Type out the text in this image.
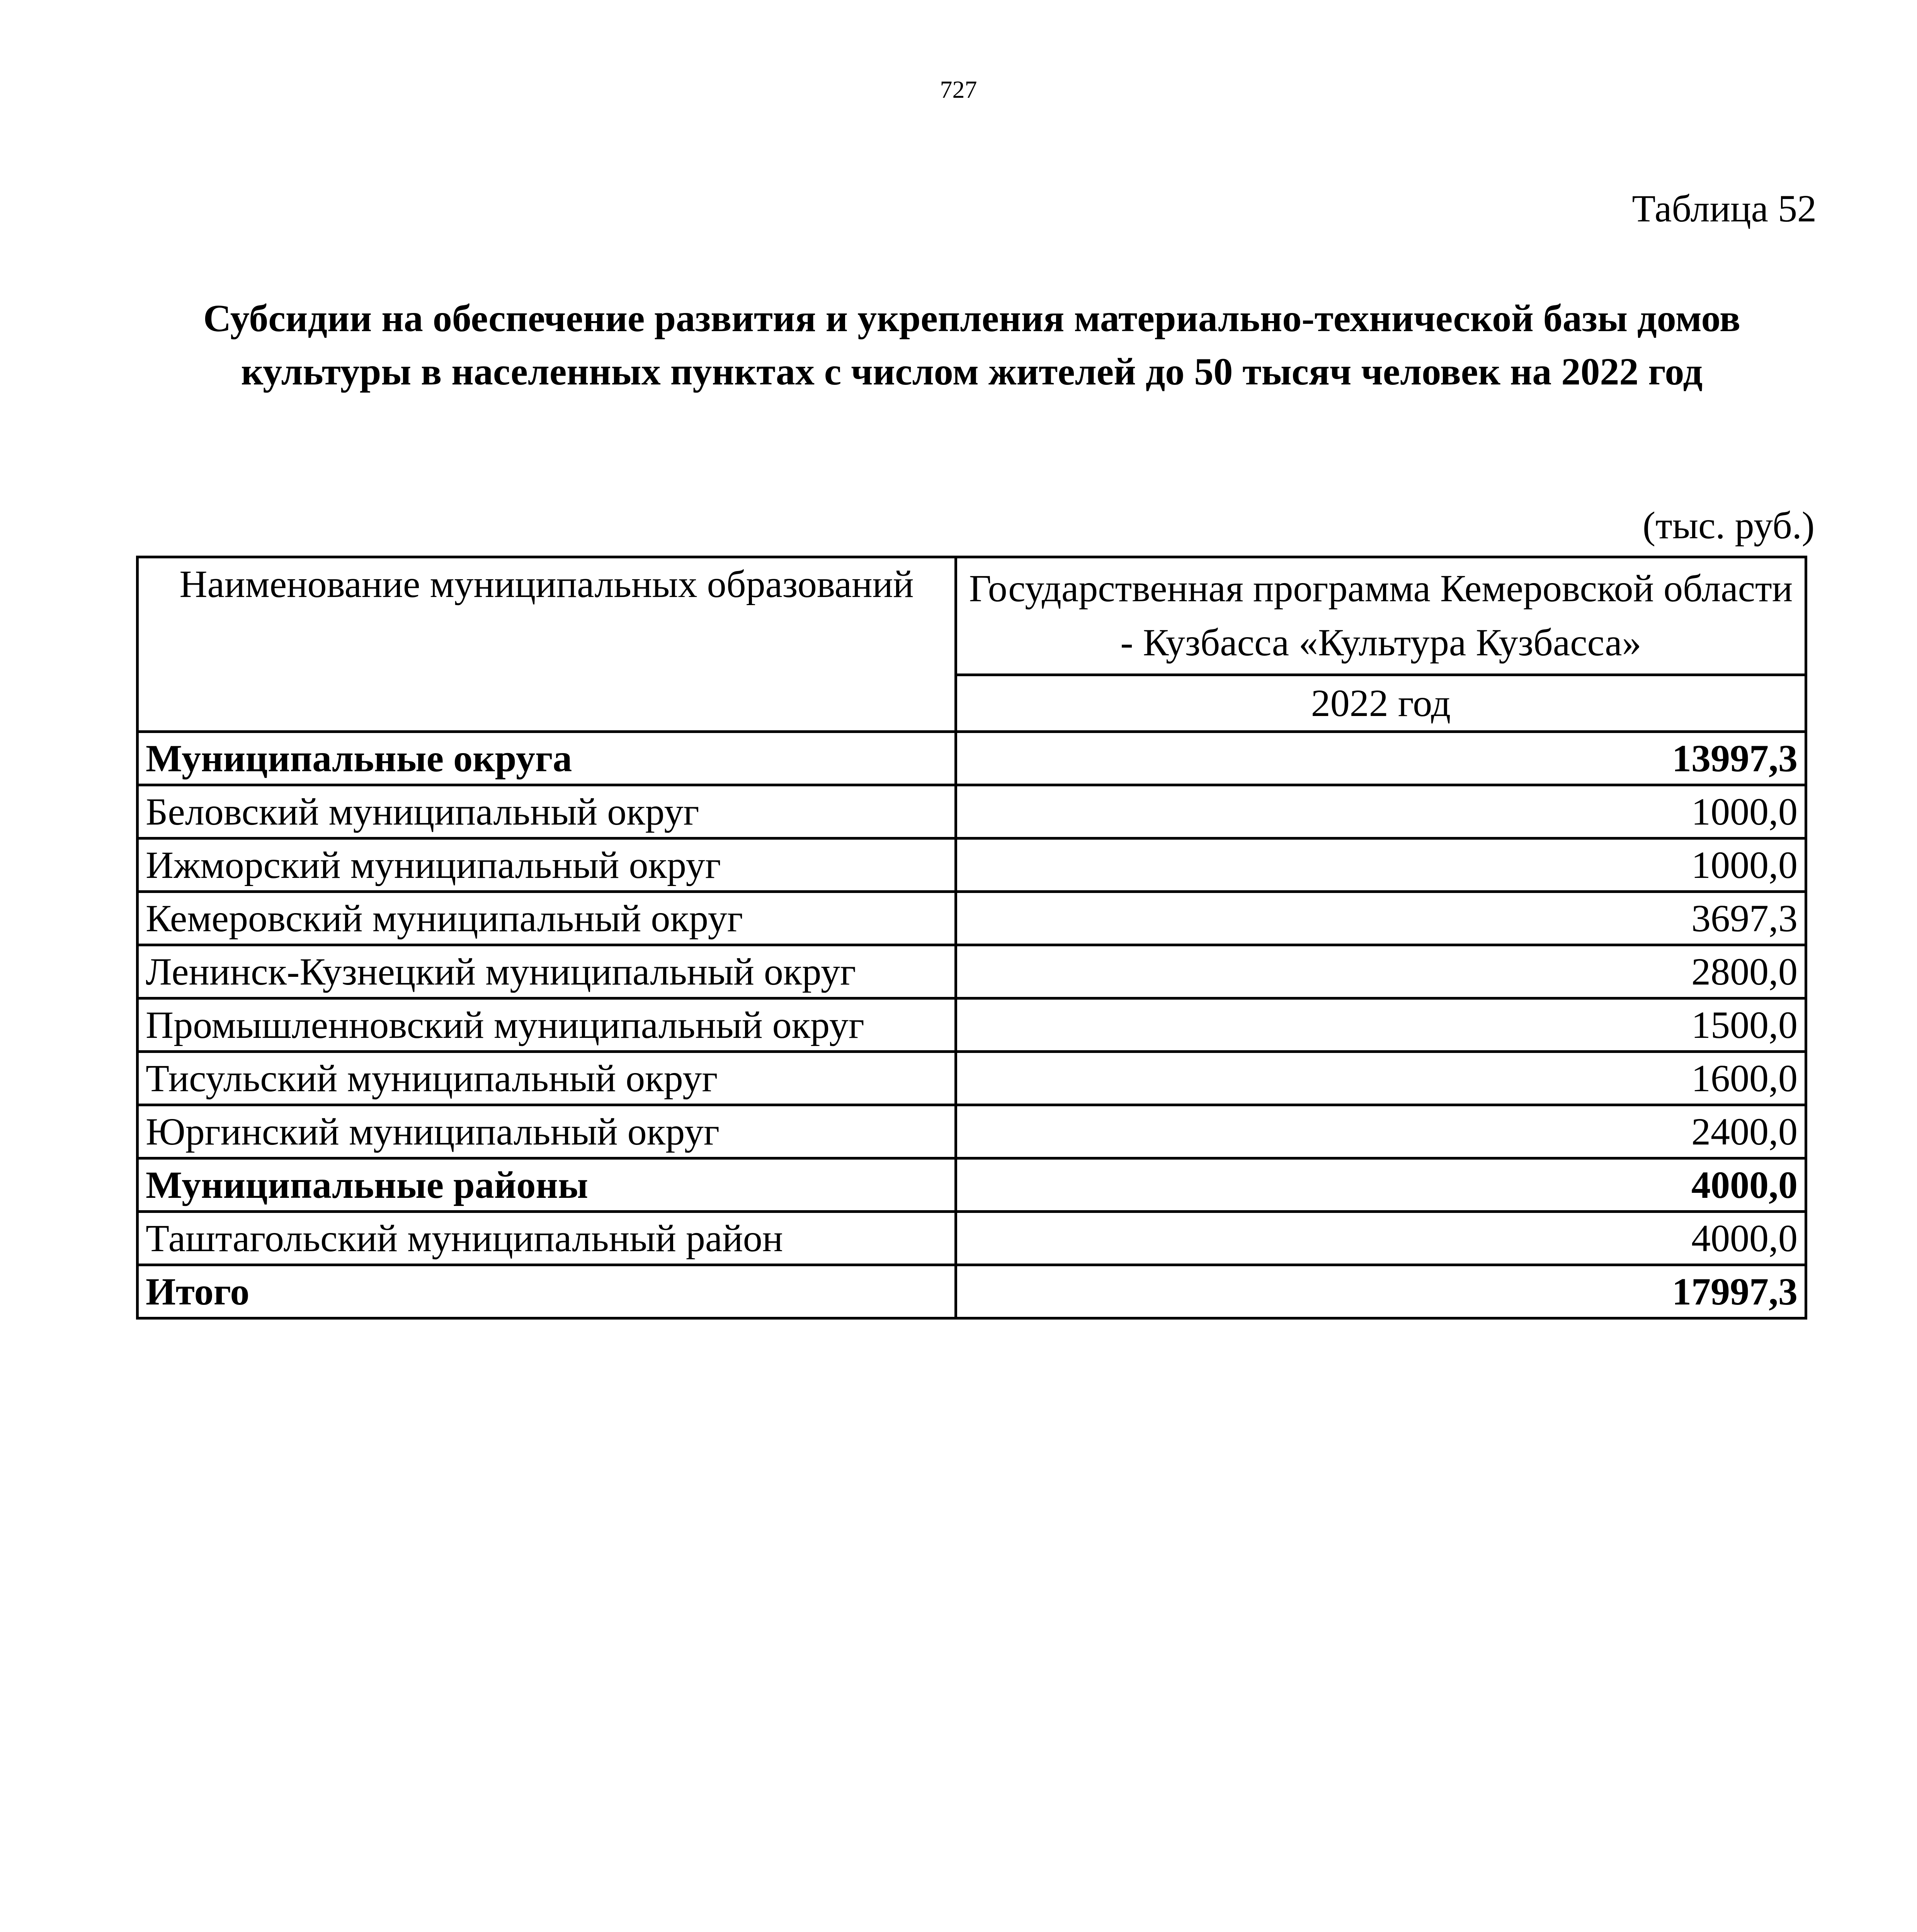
727
Таблица 52
Субсидии на обеспечение развития и укрепления материально-технической базы домов культуры в населенных пунктах с числом жителей до 50 тысяч человек на 2022 год
(тыс. руб.)
Наименование муниципальных образований	Государственная программа Кемеровской области - Кузбасса «Культура Кузбасса»
	2022 год
Муниципальные округа	13997,3
Беловский муниципальный округ	1000,0
Ижморский муниципальный округ	1000,0
Кемеровский муниципальный округ	3697,3
Ленинск-Кузнецкий муниципальный округ	2800,0
Промышленновский муниципальный округ	1500,0
Тисульский муниципальный округ	1600,0
Юргинский муниципальный округ	2400,0
Муниципальные районы	4000,0
Таштагольский муниципальный район	4000,0
Итого	17997,3
